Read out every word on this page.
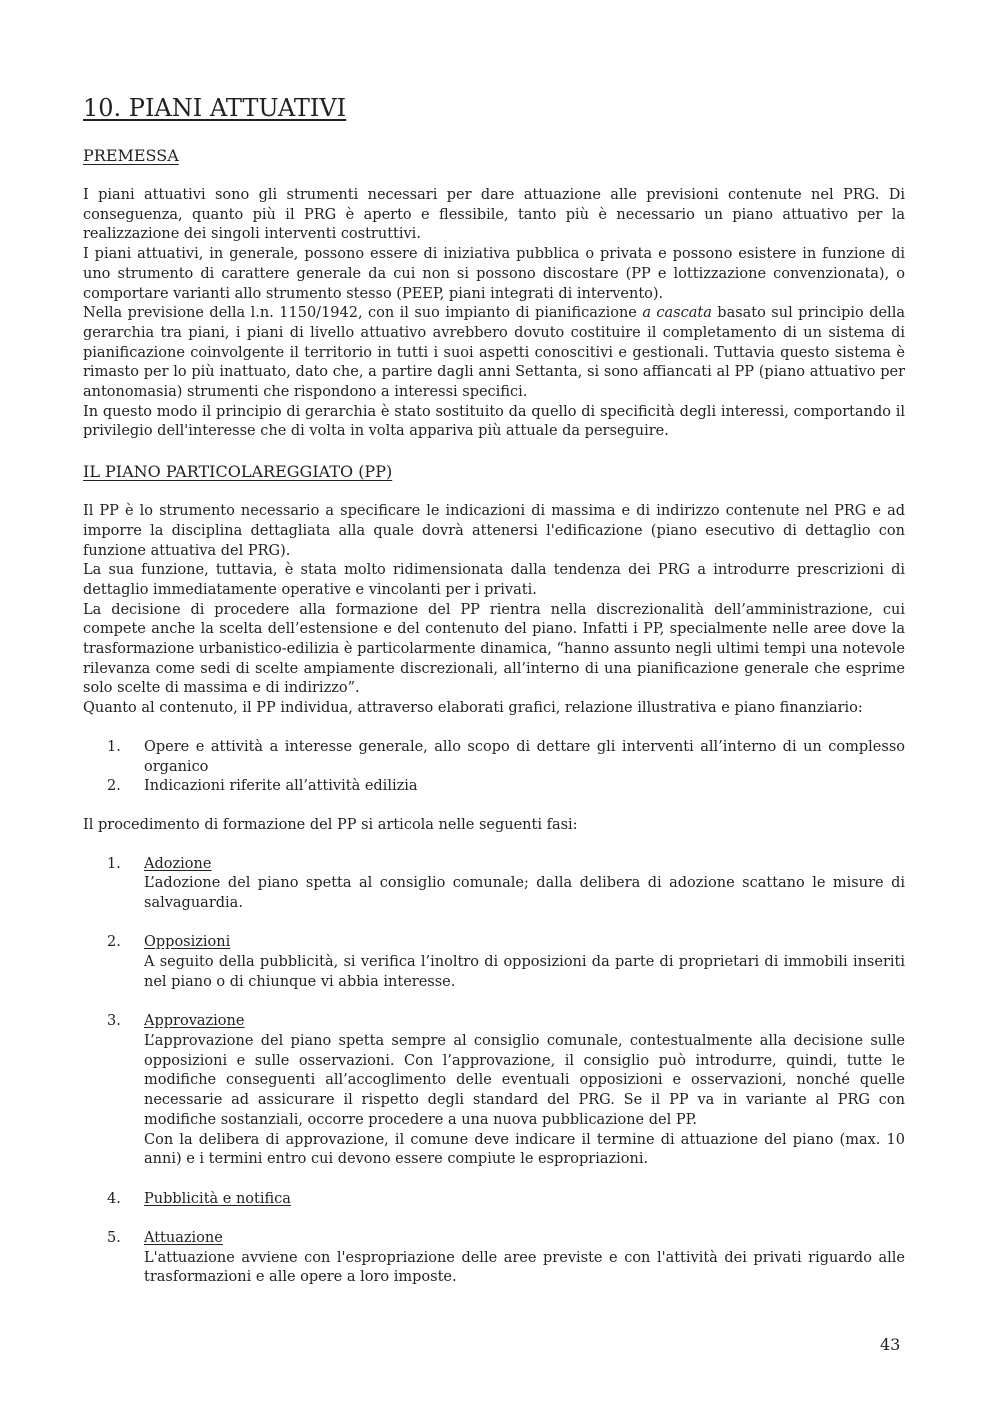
10. PIANI ATTUATIVI
PREMESSA

I piani attuativi sono gli strumenti necessari per dare attuazione alle previsioni contenute nel PRG. Di conseguenza, quanto più il PRG è aperto e flessibile, tanto più è necessario un piano attuativo per la realizzazione dei singoli interventi costruttivi.

I piani attuativi, in generale, possono essere di iniziativa pubblica o privata e possono esistere in funzione di uno strumento di carattere generale da cui non si possono discostare (PP e lottizzazione convenzionata), o comportare varianti allo strumento stesso (PEEP, piani integrati di intervento).

Nella previsione della l.n. 1150/1942, con il suo impianto di pianificazione a cascata basato sul principio della gerarchia tra piani, i piani di livello attuativo avrebbero dovuto costituire il completamento di un sistema di pianificazione coinvolgente il territorio in tutti i suoi aspetti conoscitivi e gestionali. Tuttavia questo sistema è rimasto per lo più inattuato, dato che, a partire dagli anni Settanta, si sono affiancati al PP (piano attuativo per antonomasia) strumenti che rispondono a interessi specifici.

In questo modo il principio di gerarchia è stato sostituito da quello di specificità degli interessi, comportando il privilegio dell'interesse che di volta in volta appariva più attuale da perseguire.

IL PIANO PARTICOLAREGGIATO (PP)

Il PP è lo strumento necessario a specificare le indicazioni di massima e di indirizzo contenute nel PRG e ad imporre la disciplina dettagliata alla quale dovrà attenersi l'edificazione (piano esecutivo di dettaglio con funzione attuativa del PRG).

La sua funzione, tuttavia, è stata molto ridimensionata dalla tendenza dei PRG a introdurre prescrizioni di dettaglio immediatamente operative e vincolanti per i privati.

La decisione di procedere alla formazione del PP rientra nella discrezionalità dell’amministrazione, cui compete anche la scelta dell’estensione e del contenuto del piano. Infatti i PP, specialmente nelle aree dove la trasformazione urbanistico-edilizia è particolarmente dinamica, “hanno assunto negli ultimi tempi una notevole rilevanza come sedi di scelte ampiamente discrezionali, all’interno di una pianificazione generale che esprime solo scelte di massima e di indirizzo”.

Quanto al contenuto, il PP individua, attraverso elaborati grafici, relazione illustrativa e piano finanziario:

1. Opere e attività a interesse generale, allo scopo di dettare gli interventi all’interno di un complesso organico
2. Indicazioni riferite all’attività edilizia

Il procedimento di formazione del PP si articola nelle seguenti fasi:

1. Adozione
L’adozione del piano spetta al consiglio comunale; dalla delibera di adozione scattano le misure di salvaguardia.
2. Opposizioni
A seguito della pubblicità, si verifica l’inoltro di opposizioni da parte di proprietari di immobili inseriti nel piano o di chiunque vi abbia interesse.
3. Approvazione
L’approvazione del piano spetta sempre al consiglio comunale, contestualmente alla decisione sulle opposizioni e sulle osservazioni. Con l’approvazione, il consiglio può introdurre, quindi, tutte le modifiche conseguenti all’accoglimento delle eventuali opposizioni e osservazioni, nonché quelle necessarie ad assicurare il rispetto degli standard del PRG. Se il PP va in variante al PRG con modifiche sostanziali, occorre procedere a una nuova pubblicazione del PP.
Con la delibera di approvazione, il comune deve indicare il termine di attuazione del piano (max. 10 anni) e i termini entro cui devono essere compiute le espropriazioni.
4. Pubblicità e notifica
5. Attuazione
L'attuazione avviene con l'espropriazione delle aree previste e con l'attività dei privati riguardo alle trasformazioni e alle opere a loro imposte.
43
